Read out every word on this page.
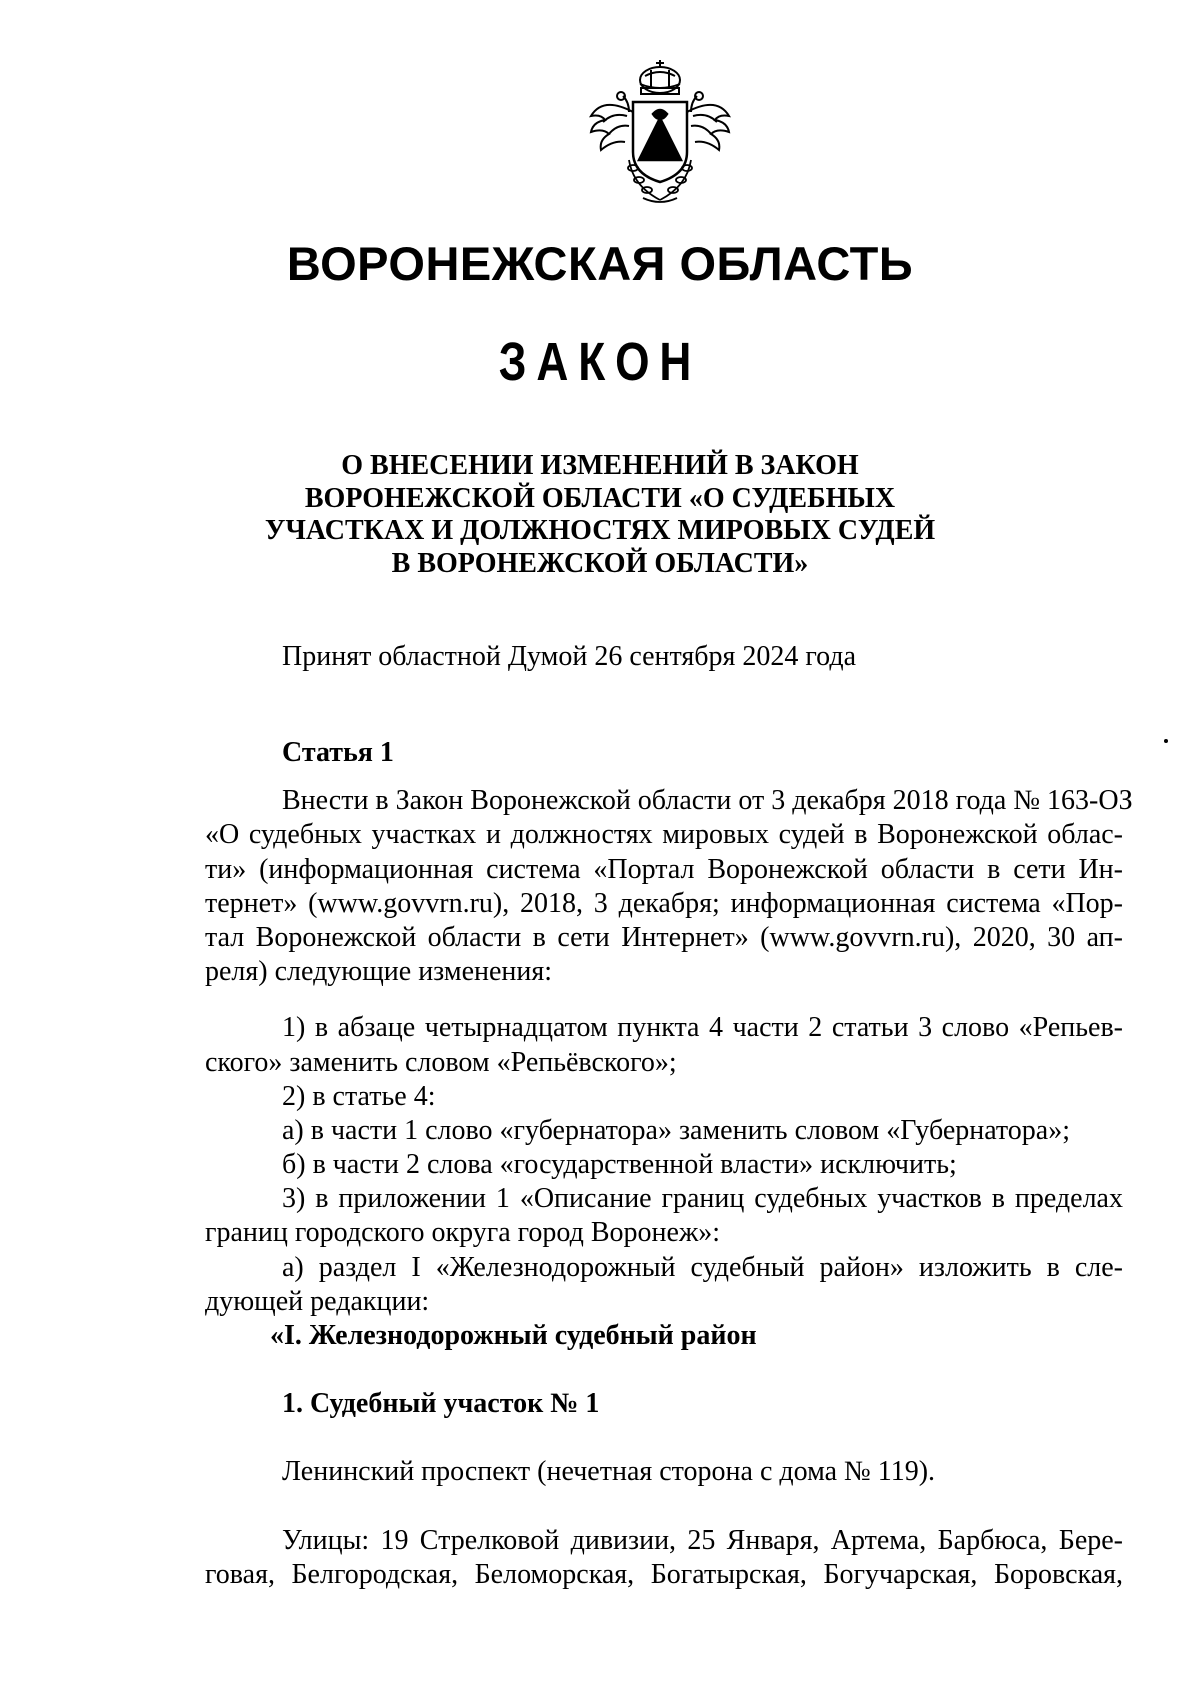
ВОРОНЕЖСКАЯ ОБЛАСТЬ
ЗАКОН
О ВНЕСЕНИИ ИЗМЕНЕНИЙ В ЗАКОН
ВОРОНЕЖСКОЙ ОБЛАСТИ «О СУДЕБНЫХ
УЧАСТКАХ И ДОЛЖНОСТЯХ МИРОВЫХ СУДЕЙ
В ВОРОНЕЖСКОЙ ОБЛАСТИ»
Принят областной Думой 26 сентября 2024 года
Статья 1
Внести в Закон Воронежской области от 3 декабря 2018 года № 163-ОЗ
«О судебных участках и должностях мировых судей в Воронежской облас-
ти» (информационная система «Портал Воронежской области в сети Ин-
тернет» (www.govvrn.ru), 2018, 3 декабря; информационная система «Пор-
тал Воронежской области в сети Интернет» (www.govvrn.ru), 2020, 30 ап-
реля) следующие изменения:
1) в абзаце четырнадцатом пункта 4 части 2 статьи 3 слово «Репьев-
ского» заменить словом «Репьёвского»;
2) в статье 4:
а) в части 1 слово «губернатора» заменить словом «Губернатора»;
б) в части 2 слова «государственной власти» исключить;
3) в приложении 1 «Описание границ судебных участков в пределах
границ городского округа город Воронеж»:
а) раздел I «Железнодорожный судебный район» изложить в сле-
дующей редакции:
«I. Железнодорожный судебный район
1. Судебный участок № 1
Ленинский проспект (нечетная сторона с дома № 119).
Улицы: 19 Стрелковой дивизии, 25 Января, Артема, Барбюса, Бере-
говая, Белгородская, Беломорская, Богатырская, Богучарская, Боровская,
